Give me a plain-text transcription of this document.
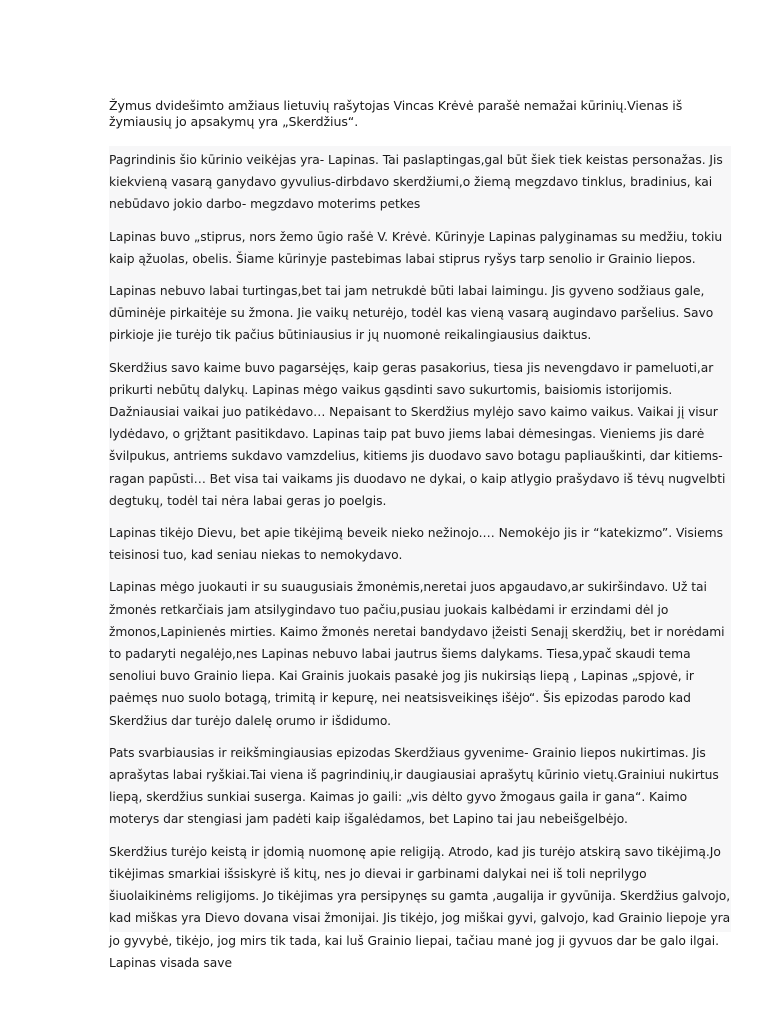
Žymus dvidešimto amžiaus lietuvių rašytojas Vincas Krėvė parašė nemažai kūrinių.Vienas iš žymiausių jo apsakymų yra „Skerdžius“.

Pagrindinis šio kūrinio veikėjas yra- Lapinas. Tai paslaptingas,gal būt šiek tiek keistas personažas. Jis kiekvieną vasarą ganydavo gyvulius-dirbdavo skerdžiumi,o žiemą megzdavo tinklus, bradinius, kai nebūdavo jokio darbo- megzdavo moterims petkes

Lapinas buvo „stiprus, nors žemo ūgio rašė V. Krėvė. Kūrinyje Lapinas palyginamas su medžiu, tokiu kaip ąžuolas, obelis. Šiame kūrinyje pastebimas labai stiprus ryšys tarp senolio ir Grainio liepos.

Lapinas nebuvo labai turtingas,bet tai jam netrukdė būti labai laimingu. Jis gyveno sodžiaus gale, dūminėje pirkaitėje su žmona. Jie vaikų neturėjo, todėl kas vieną vasarą augindavo paršelius. Savo pirkioje jie turėjo tik pačius būtiniausius ir jų nuomonė reikalingiausius daiktus.

Skerdžius savo kaime buvo pagarsėjęs, kaip geras pasakorius, tiesa jis nevengdavo ir pameluoti,ar prikurti nebūtų dalykų. Lapinas mėgo vaikus gąsdinti savo sukurtomis, baisiomis istorijomis. Dažniausiai vaikai juo patikėdavo… Nepaisant to Skerdžius mylėjo savo kaimo vaikus. Vaikai jį visur lydėdavo, o grįžtant pasitikdavo. Lapinas taip pat buvo jiems labai dėmesingas. Vieniems jis darė švilpukus, antriems sukdavo vamzdelius, kitiems jis duodavo savo botagu papliauškinti, dar kitiems- ragan papūsti… Bet visa tai vaikams jis duodavo ne dykai, o kaip atlygio prašydavo iš tėvų nugvelbti degtukų, todėl tai nėra labai geras jo poelgis.

Lapinas tikėjo Dievu, bet apie tikėjimą beveik nieko nežinojo.… Nemokėjo jis ir “katekizmo”. Visiems teisinosi tuo, kad seniau niekas to nemokydavo.

Lapinas mėgo juokauti ir su suaugusiais žmonėmis,neretai juos apgaudavo,ar sukiršindavo. Už tai žmonės retkarčiais jam atsilygindavo tuo pačiu,pusiau juokais kalbėdami ir erzindami dėl jo žmonos,Lapinienės mirties. Kaimo žmonės neretai bandydavo įžeisti Senajį skerdžių, bet ir norėdami to padaryti negalėjo,nes Lapinas nebuvo labai jautrus šiems dalykams. Tiesa,ypač skaudi tema senoliui buvo Grainio liepa. Kai Grainis juokais pasakė jog jis nukirsiąs liepą , Lapinas „spjovė, ir paėmęs nuo suolo botagą, trimitą ir kepurę, nei neatsisveikinęs išėjo“. Šis epizodas parodo kad Skerdžius dar turėjo dalelę orumo ir išdidumo.

Pats svarbiausias ir reikšmingiausias epizodas Skerdžiaus gyvenime- Grainio liepos nukirtimas. Jis aprašytas labai ryškiai.Tai viena iš pagrindinių,ir daugiausiai aprašytų kūrinio vietų.Grainiui nukirtus liepą, skerdžius sunkiai suserga. Kaimas jo gaili: „vis dėlto gyvo žmogaus gaila ir gana“. Kaimo moterys dar stengiasi jam padėti kaip išgalėdamos, bet Lapino tai jau nebeišgelbėjo.

Skerdžius turėjo keistą ir įdomią nuomonę apie religiją. Atrodo, kad jis turėjo atskirą savo tikėjimą.Jo tikėjimas smarkiai išsiskyrė iš kitų, nes jo dievai ir garbinami dalykai nei iš toli neprilygo šiuolaikinėms religijoms. Jo tikėjimas yra persipynęs su gamta ,augalija ir gyvūnija. Skerdžius galvojo, kad miškas yra Dievo dovana visai žmonijai. Jis tikėjo, jog miškai gyvi, galvojo, kad Grainio liepoje yra jo gyvybė, tikėjo, jog mirs tik tada, kai luš Grainio liepai, tačiau manė jog ji gyvuos dar be galo ilgai. Lapinas visada save
